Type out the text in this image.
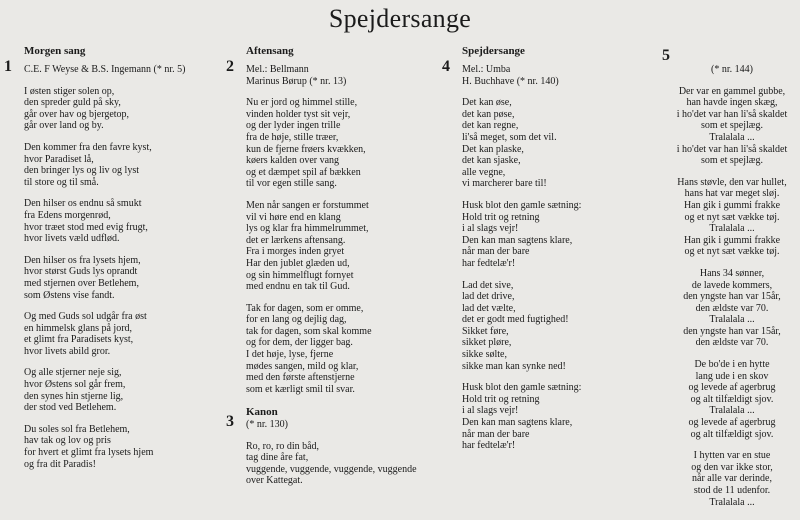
Spejdersange
Morgen sang
1 C.E. F Weyse & B.S. Ingemann (* nr. 5)
I østen stiger solen op,
den spreder guld på sky,
går over hav og bjergetop,
går over land og by.
Den kommer fra den favre kyst,
hvor Paradiset lå,
den bringer lys og liv og lyst
til store og til små.
Den hilser os endnu så smukt
fra Edens morgenrød,
hvor træet stod med evig frugt,
hvor livets væld udflød.
Den hilser os fra lysets hjem,
hvor størst Guds lys oprandt
med stjernen over Betlehem,
som Østens vise fandt.
Og med Guds sol udgår fra øst
en himmelsk glans på jord,
et glimt fra Paradisets kyst,
hvor livets abild gror.
Og alle stjerner neje sig,
hvor Østens sol går frem,
den synes hin stjerne lig,
der stod ved Betlehem.
Du soles sol fra Betlehem,
hav tak og lov og pris
for hvert et glimt fra lysets hjem
og fra dit Paradis!
Aftensang
2 Mel.: Bellmann
Marinus Børup (* nr. 13)
Nu er jord og himmel stille,
vinden holder tyst sit vejr,
og der lyder ingen trille
fra de høje, stille træer,
kun de fjerne frøers kvækken,
køers kalden over vang
og et dæmpet spil af bækken
til vor egen stille sang.
Men når sangen er forstummet
vil vi høre end en klang
lys og klar fra himmelrummet,
det er lærkens aftensang.
Fra i morges inden gryet
Har den jublet glæden ud,
og sin himmelflugt fornyet
med endnu en tak til Gud.
Tak for dagen, som er omme,
for en lang og dejlig dag,
tak for dagen, som skal komme
og for dem, der ligger bag.
I det høje, lyse, fjerne
mødes sangen, mild og klar,
med den første aftenstjerne
som et kærligt smil til svar.
Kanon
3 (* nr. 130)
Ro, ro, ro din båd,
tag dine åre fat,
vuggende, vuggende, vuggende, vuggende
over Kattegat.
Spejdersange
4 Mel.: Umba
H. Buchhave (* nr. 140)
Det kan øse,
det kan pøse,
det kan regne,
li'så meget, som det vil.
Det kan plaske,
det kan sjaske,
alle vegne,
vi marcherer bare til!
Husk blot den gamle sætning:
Hold trit og retning
i al slags vejr!
Den kan man sagtens klare,
når man der bare
har fedtelæ'r!
Lad det sive,
lad det drive,
lad det vælte,
det er godt med fugtighed!
Sikket føre,
sikket pløre,
sikke sølte,
sikke man kan synke ned!
Husk blot den gamle sætning:
Hold trit og retning
i al slags vejr!
Den kan man sagtens klare,
når man der bare
har fedtelæ'r!
5
(* nr. 144)
Der var en gammel gubbe,
han havde ingen skæg,
i ho'det var han li'så skaldet
som et spejlæg.
Tralalala ...
i ho'det var han li'så skaldet
som et spejlæg.
Hans støvle, den var hullet,
hans hat var meget sløj.
Han gik i gummi frakke
og et nyt sæt vække tøj.
Tralalala ...
Han gik i gummi frakke
og et nyt sæt vække tøj.
Hans 34 sønner,
de lavede kommers,
den yngste han var 15år,
den ældste var 70.
Tralalala ...
den yngste han var 15år,
den ældste var 70.
De bo'de i en hytte
lang ude i en skov
og levede af agerbrug
og alt tilfældigt sjov.
Tralalala ...
og levede af agerbrug
og alt tilfældigt sjov.
I hytten var en stue
og den var ikke stor,
når alle var derinde,
stod de 11 udenfor.
Tralalala ...
